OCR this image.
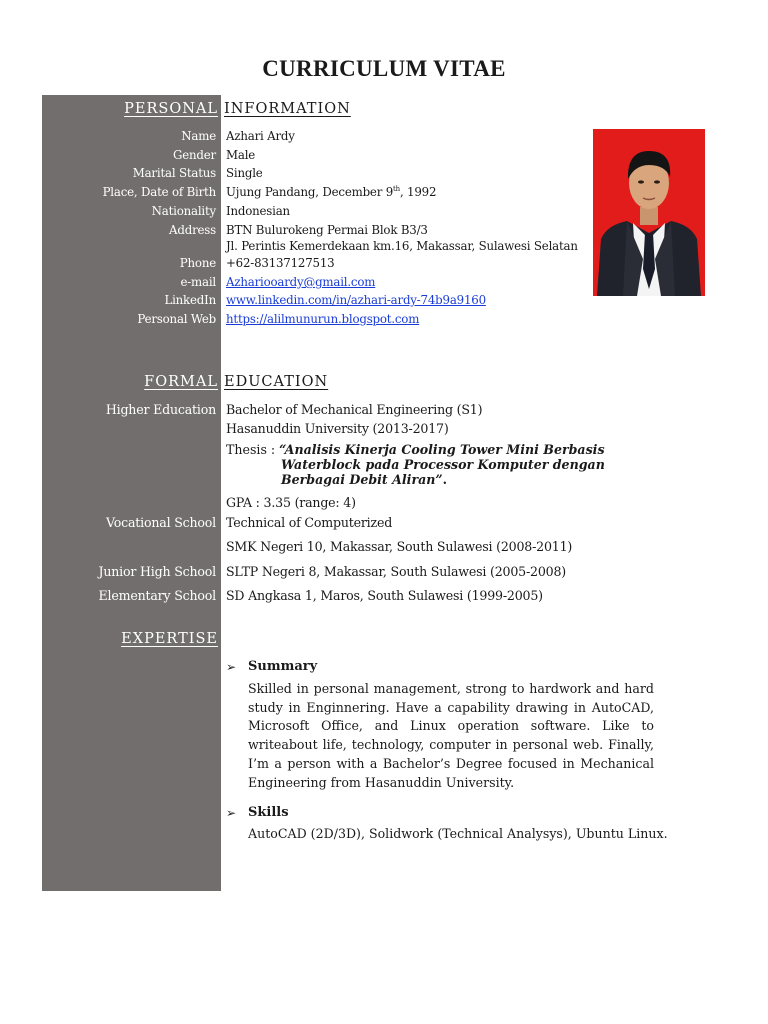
CURRICULUM VITAE
PERSONAL INFORMATION
Name Azhari Ardy
Gender Male
Marital Status Single
Place, Date of Birth Ujung Pandang, December 9th, 1992
Nationality Indonesian
Address BTN Bulurokeng Permai Blok B3/3
Jl. Perintis Kemerdekaan km.16, Makassar, Sulawesi Selatan
Phone +62-83137127513
e-mail Azharioоardy@gmail.com
LinkedIn www.linkedin.com/in/azhari-ardy-74b9a9160
Personal Web https://alilmunurun.blogspot.com
FORMAL EDUCATION
Higher Education Bachelor of Mechanical Engineering (S1)
Hasanuddin University (2013-2017)
Thesis : “Analisis Kinerja Cooling Tower Mini Berbasis
Waterblock pada Processor Komputer dengan
Berbagai Debit Aliran”.
GPA : 3.35 (range: 4)
Vocational School Technical of Computerized
SMK Negeri 10, Makassar, South Sulawesi (2008-2011)
Junior High School SLTP Negeri 8, Makassar, South Sulawesi (2005-2008)
Elementary School SD Angkasa 1, Maros, South Sulawesi (1999-2005)
EXPERTISE
➢ Summary
Skilled in personal management, strong to hardwork and hard study in Enginnering. Have a capability drawing in AutoCAD, Microsoft Office, and Linux operation software. Like to writeabout life, technology, computer in personal web. Finally, I’m a person with a Bachelor’s Degree focused in Mechanical Engineering from Hasanuddin University.
➢ Skills
AutoCAD (2D/3D), Solidwork (Technical Analysys), Ubuntu Linux.
